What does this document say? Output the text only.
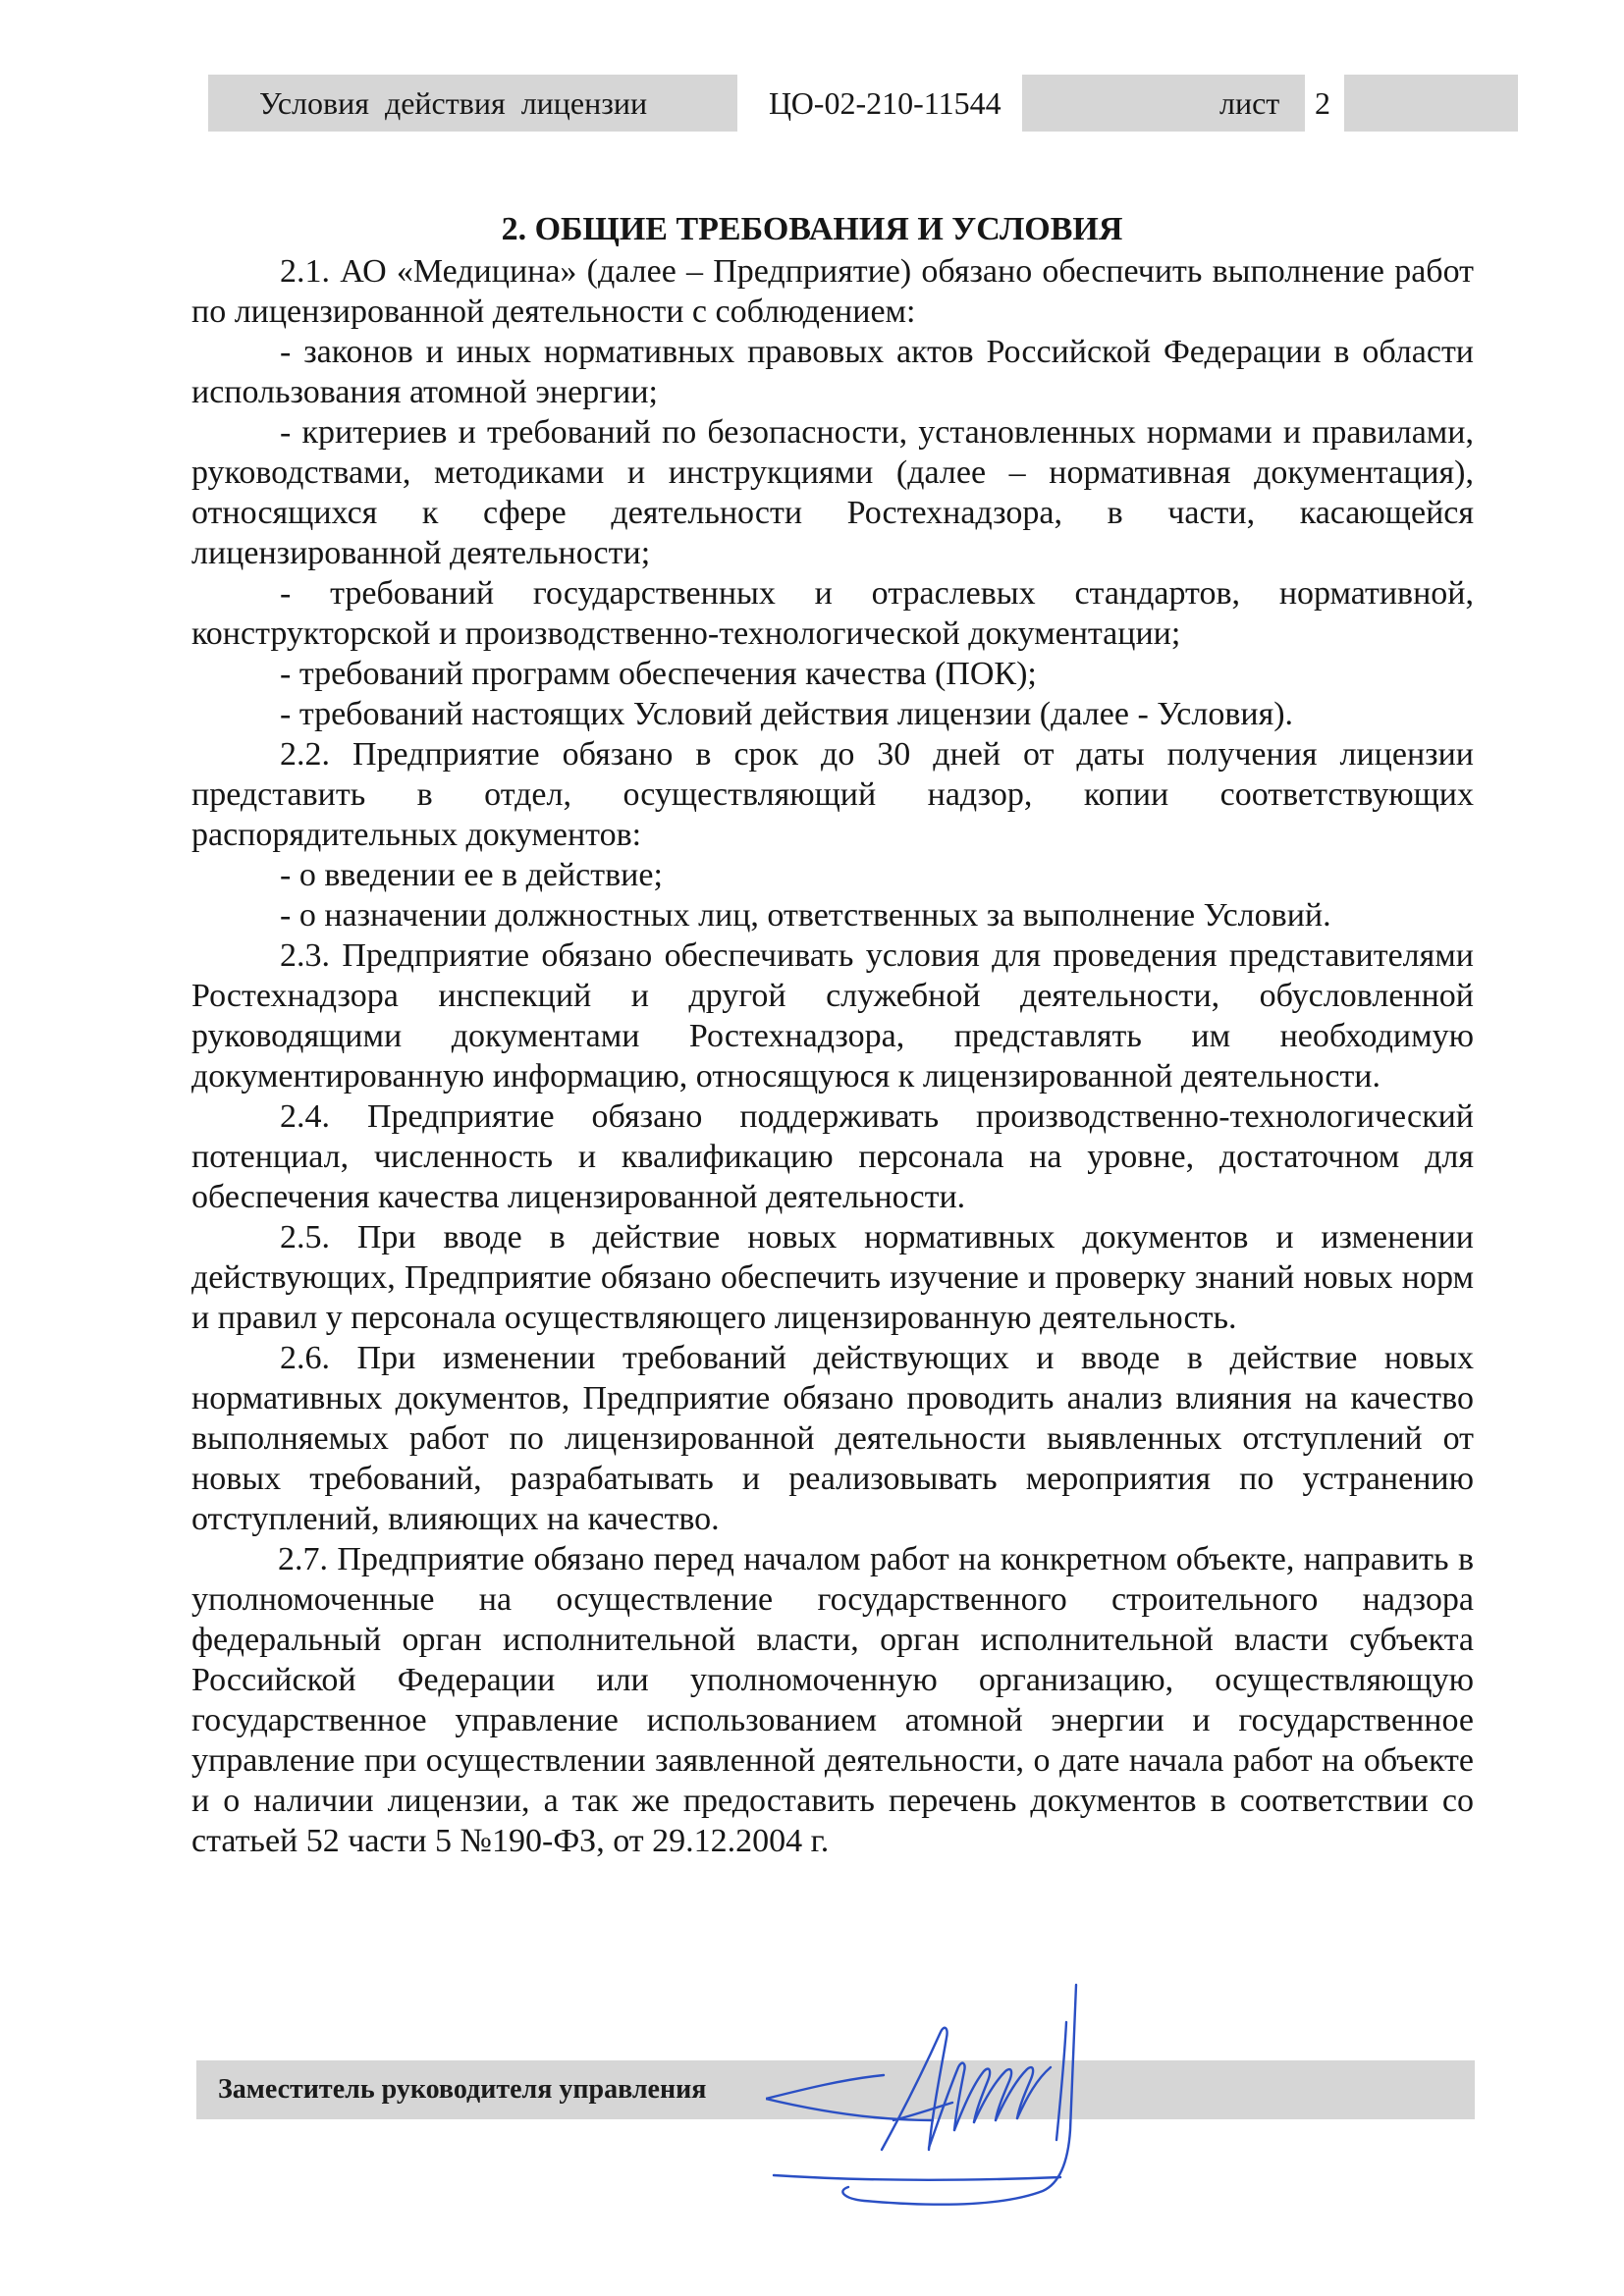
Условия действия лицензии	ЦО-02-210-11544	лист 2
2. ОБЩИЕ ТРЕБОВАНИЯ И УСЛОВИЯ

2.1. АО «Медицина» (далее – Предприятие) обязано обеспечить выполнение работ по лицензированной деятельности с соблюдением:

- законов и иных нормативных правовых актов Российской Федерации в области использования атомной энергии;

- критериев и требований по безопасности, установленных нормами и правилами, руководствами, методиками и инструкциями (далее – нормативная документация), относящихся к сфере деятельности Ростехнадзора, в части, касающейся лицензированной деятельности;

- требований государственных и отраслевых стандартов, нормативной, конструкторской и производственно-технологической документации;

- требований программ обеспечения качества (ПОК);

- требований настоящих Условий действия лицензии (далее - Условия).

2.2. Предприятие обязано в срок до 30 дней от даты получения лицензии представить в отдел, осуществляющий надзор, копии соответствующих распорядительных документов:

- о введении ее в действие;

- о назначении должностных лиц, ответственных за выполнение Условий.

2.3. Предприятие обязано обеспечивать условия для проведения представителями Ростехнадзора инспекций и другой служебной деятельности, обусловленной руководящими документами Ростехнадзора, представлять им необходимую документированную информацию, относящуюся к лицензированной деятельности.

2.4. Предприятие обязано поддерживать производственно-технологический потенциал, численность и квалификацию персонала на уровне, достаточном для обеспечения качества лицензированной деятельности.

2.5. При вводе в действие новых нормативных документов и изменении действующих, Предприятие обязано обеспечить изучение и проверку знаний новых норм и правил у персонала осуществляющего лицензированную деятельность.

2.6. При изменении требований действующих и вводе в действие новых нормативных документов, Предприятие обязано проводить анализ влияния на качество выполняемых работ по лицензированной деятельности выявленных отступлений от новых требований, разрабатывать и реализовывать мероприятия по устранению отступлений, влияющих на качество.

2.7. Предприятие обязано перед началом работ на конкретном объекте, направить в уполномоченные на осуществление государственного строительного надзора федеральный орган исполнительной власти, орган исполнительной власти субъекта Российской Федерации или уполномоченную организацию, осуществляющую государственное управление использованием атомной энергии и государственное управление при осуществлении заявленной деятельности, о дате начала работ на объекте и о наличии лицензии, а так же предоставить перечень документов в соответствии со статьей 52 части 5 №190-ФЗ, от 29.12.2004 г.

Заместитель руководителя управления
